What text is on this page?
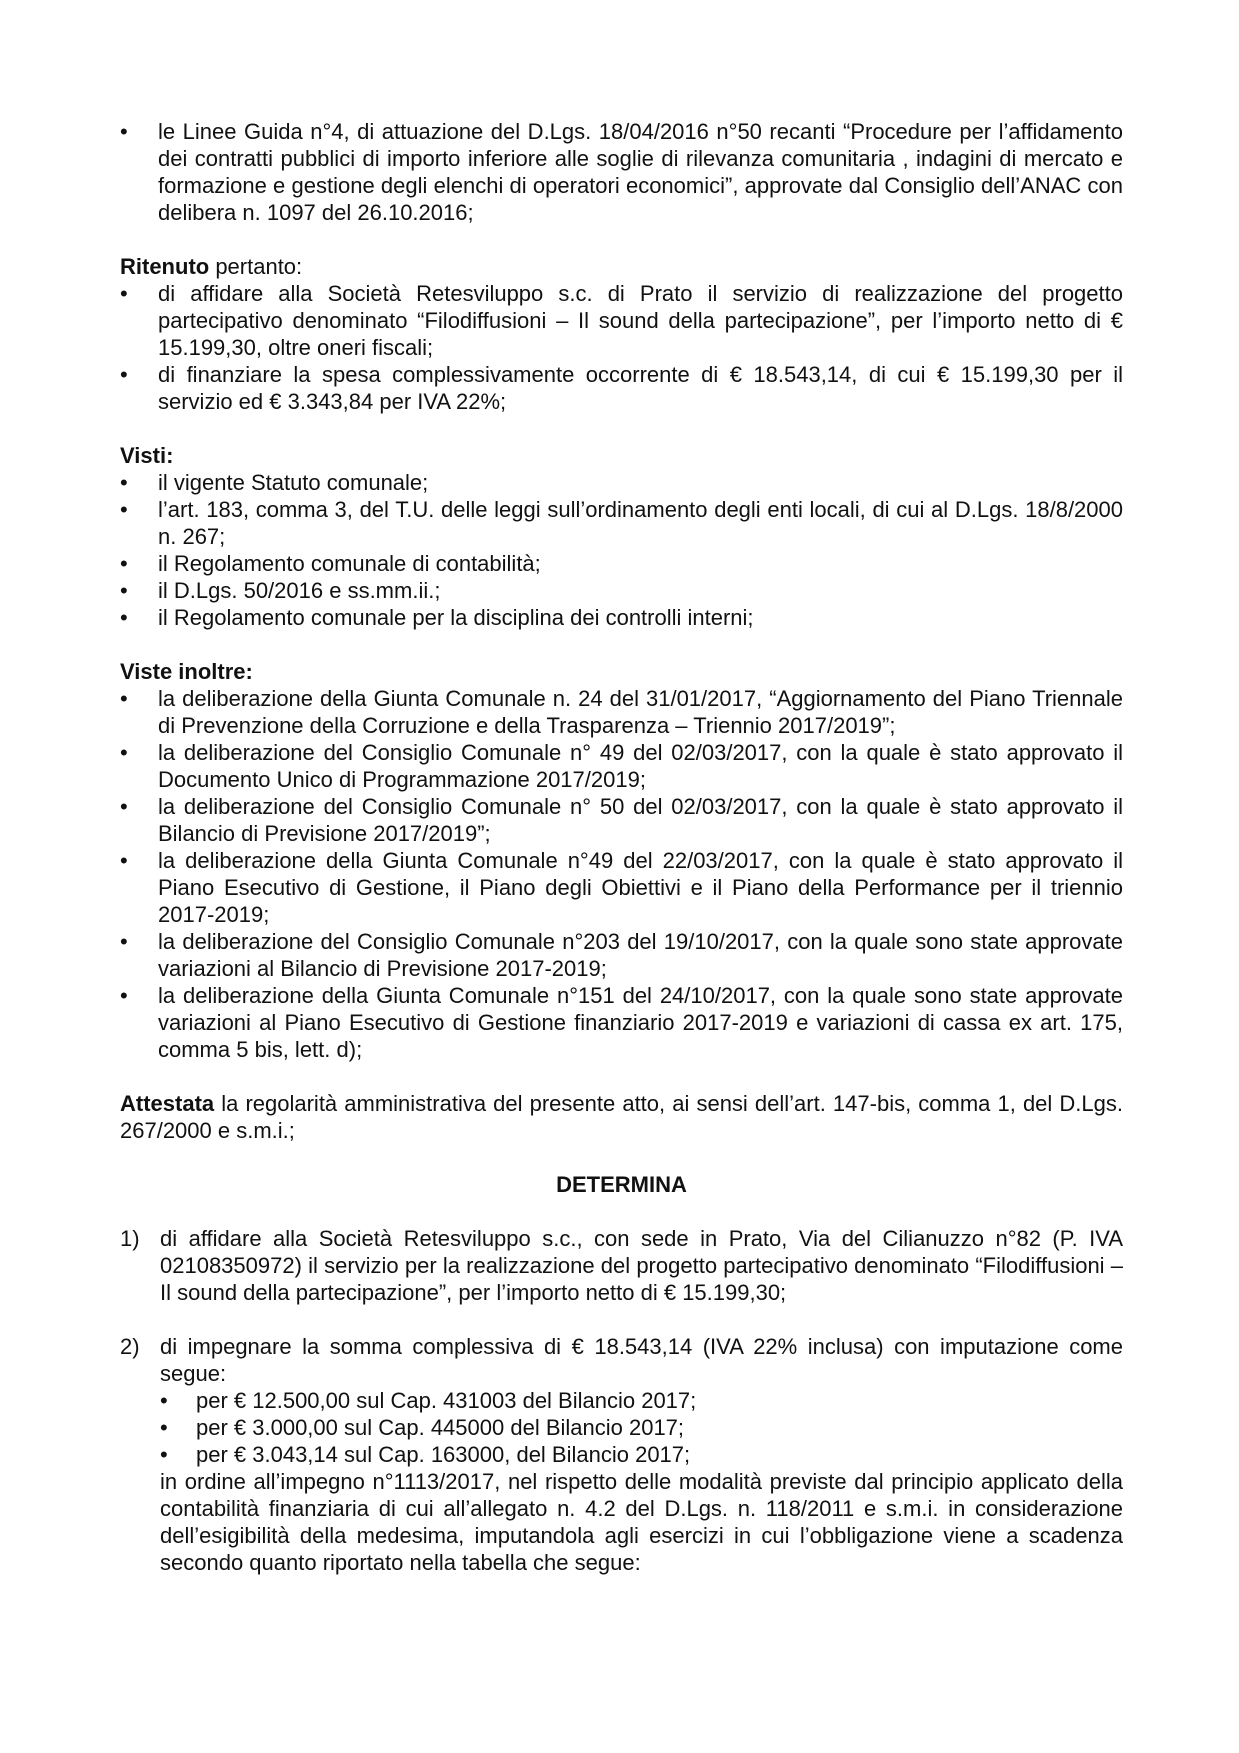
• le Linee Guida n°4, di attuazione del D.Lgs. 18/04/2016 n°50 recanti “Procedure per l’affidamento dei contratti pubblici di importo inferiore alle soglie di rilevanza comunitaria , indagini di mercato e formazione e gestione degli elenchi di operatori economici”, approvate dal Consiglio dell’ANAC con delibera n. 1097 del 26.10.2016;
Ritenuto pertanto:
• di affidare alla Società Retesviluppo s.c. di Prato il servizio di realizzazione del progetto partecipativo denominato “Filodiffusioni – Il sound della partecipazione”, per l’importo netto di € 15.199,30, oltre oneri fiscali;
• di finanziare la spesa complessivamente occorrente di € 18.543,14, di cui € 15.199,30 per il servizio ed € 3.343,84 per IVA 22%;
Visti:
• il vigente Statuto comunale;
• l’art. 183, comma 3, del T.U. delle leggi sull’ordinamento degli enti locali, di cui al D.Lgs. 18/8/2000 n. 267;
• il Regolamento comunale di contabilità;
• il D.Lgs. 50/2016 e ss.mm.ii.;
• il Regolamento comunale per la disciplina dei controlli interni;
Viste inoltre:
• la deliberazione della Giunta Comunale n. 24 del 31/01/2017, “Aggiornamento del Piano Triennale di Prevenzione della Corruzione e della Trasparenza – Triennio 2017/2019”;
• la deliberazione del Consiglio Comunale n° 49 del 02/03/2017, con la quale è stato approvato il Documento Unico di Programmazione 2017/2019;
• la deliberazione del Consiglio Comunale n° 50 del 02/03/2017, con la quale è stato approvato il Bilancio di Previsione 2017/2019”;
• la deliberazione della Giunta Comunale n°49 del 22/03/2017, con la quale è stato approvato il Piano Esecutivo di Gestione, il Piano degli Obiettivi e il Piano della Performance per il triennio 2017-2019;
• la deliberazione del Consiglio Comunale n°203 del 19/10/2017, con la quale sono state approvate variazioni al Bilancio di Previsione 2017-2019;
• la deliberazione della Giunta Comunale n°151 del 24/10/2017, con la quale sono state approvate variazioni al Piano Esecutivo di Gestione finanziario 2017-2019 e variazioni di cassa ex art. 175, comma 5 bis, lett. d);

Attestata la regolarità amministrativa del presente atto, ai sensi dell’art. 147-bis, comma 1, del D.Lgs. 267/2000 e s.m.i.;

DETERMINA
1) di affidare alla Società Retesviluppo s.c., con sede in Prato, Via del Cilianuzzo n°82 (P. IVA 02108350972) il servizio per la realizzazione del progetto partecipativo denominato “Filodiffusioni – Il sound della partecipazione”, per l’importo netto di € 15.199,30;
2) di impegnare la somma complessiva di € 18.543,14 (IVA 22% inclusa) con imputazione come segue:
• per € 12.500,00 sul Cap. 431003 del Bilancio 2017;
• per € 3.000,00 sul Cap. 445000 del Bilancio 2017;
• per € 3.043,14 sul Cap. 163000, del Bilancio 2017;
in ordine all’impegno n°1113/2017, nel rispetto delle modalità previste dal principio applicato della contabilità finanziaria di cui all’allegato n. 4.2 del D.Lgs. n. 118/2011 e s.m.i. in considerazione dell’esigibilità della medesima, imputandola agli esercizi in cui l’obbligazione viene a scadenza secondo quanto riportato nella tabella che segue:
